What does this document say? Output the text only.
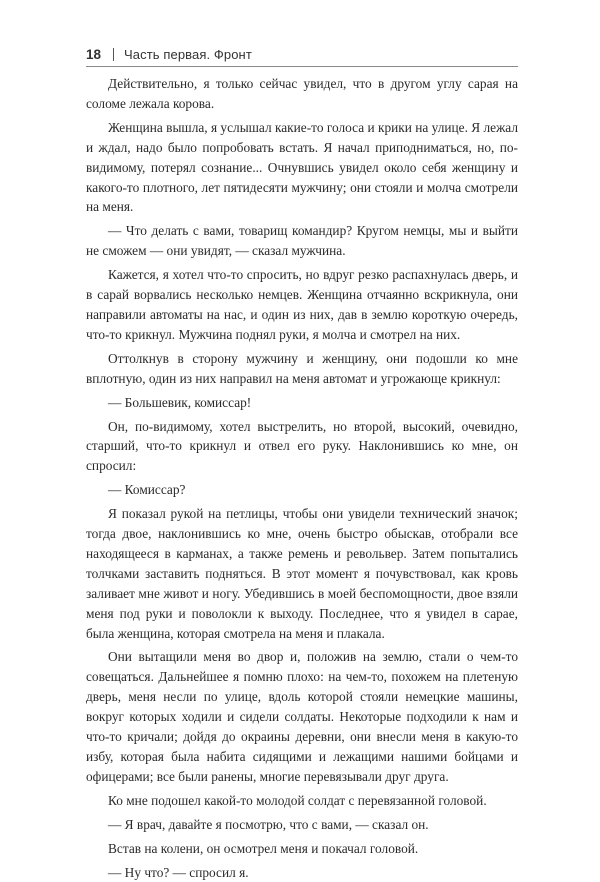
18 Часть первая. Фронт

Действительно, я только сейчас увидел, что в другом углу сарая на соломе лежала корова.

Женщина вышла, я услышал какие-то голоса и крики на улице. Я лежал и ждал, надо было попробовать встать. Я начал приподниматься, но, по-видимому, потерял сознание... Очнувшись увидел около себя женщину и какого-то плотного, лет пятидесяти мужчину; они стояли и молча смотрели на меня.

— Что делать с вами, товарищ командир? Кругом немцы, мы и выйти не сможем — они увидят, — сказал мужчина.

Кажется, я хотел что-то спросить, но вдруг резко распахнулась дверь, и в сарай ворвались несколько немцев. Женщина отчаянно вскрикнула, они направили автоматы на нас, и один из них, дав в землю короткую очередь, что-то крикнул. Мужчина поднял руки, я молча и смотрел на них.

Оттолкнув в сторону мужчину и женщину, они подошли ко мне вплотную, один из них направил на меня автомат и угрожающе крикнул:

— Большевик, комиссар!

Он, по-видимому, хотел выстрелить, но второй, высокий, очевидно, старший, что-то крикнул и отвел его руку. Наклонившись ко мне, он спросил:

— Комиссар?

Я показал рукой на петлицы, чтобы они увидели технический значок; тогда двое, наклонившись ко мне, очень быстро обыскав, отобрали все находящееся в карманах, а также ремень и револьвер. Затем попытались толчками заставить подняться. В этот момент я почувствовал, как кровь заливает мне живот и ногу. Убедившись в моей беспомощности, двое взяли меня под руки и поволокли к выходу. Последнее, что я увидел в сарае, была женщина, которая смотрела на меня и плакала.

Они вытащили меня во двор и, положив на землю, стали о чем-то совещаться. Дальнейшее я помню плохо: на чем-то, похожем на плетеную дверь, меня несли по улице, вдоль которой стояли немецкие машины, вокруг которых ходили и сидели солдаты. Некоторые подходили к нам и что-то кричали; дойдя до окраины деревни, они внесли меня в какую-то избу, которая была набита сидящими и лежащими нашими бойцами и офицерами; все были ранены, многие перевязывали друг друга.

Ко мне подошел какой-то молодой солдат с перевязанной головой.

— Я врач, давайте я посмотрю, что с вами, — сказал он.

Встав на колени, он осмотрел меня и покачал головой.

— Ну что? — спросил я.
